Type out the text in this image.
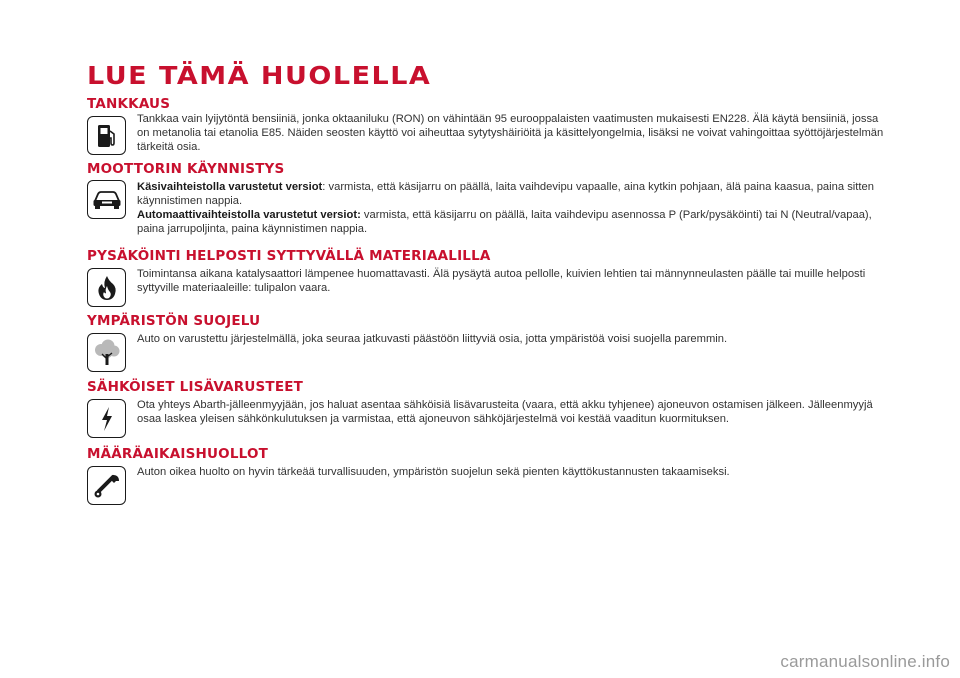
LUE TÄMÄ HUOLELLA
TANKKAUS

Tankkaa vain lyijytöntä bensiiniä, jonka oktaaniluku (RON) on vähintään 95 eurooppalaisten vaatimusten mukaisesti EN228. Älä käytä bensiiniä, jossa on metanolia tai etanolia E85. Näiden seosten käyttö voi aiheuttaa sytytyshäiriöitä ja käsittelyongelmia, lisäksi ne voivat vahingoittaa syöttöjärjestelmän tärkeitä osia.

MOOTTORIN KÄYNNISTYS

Käsivaihteistolla varustetut versiot: varmista, että käsijarru on päällä, laita vaihdevipu vapaalle, aina kytkin pohjaan, älä paina kaasua, paina sitten käynnistimen nappia.

Automaattivaihteistolla varustetut versiot: varmista, että käsijarru on päällä, laita vaihdevipu asennossa P (Park/pysäköinti) tai N (Neutral/vapaa), paina jarrupoljinta, paina käynnistimen nappia.

PYSÄKÖINTI HELPOSTI SYTTYVÄLLÄ MATERIAALILLA

Toimintansa aikana katalysaattori lämpenee huomattavasti. Älä pysäytä autoa pellolle, kuivien lehtien tai männynneulasten päälle tai muille helposti syttyville materiaaleille: tulipalon vaara.

YMPÄRISTÖN SUOJELU

Auto on varustettu järjestelmällä, joka seuraa jatkuvasti päästöön liittyviä osia, jotta ympäristöä voisi suojella paremmin.

SÄHKÖISET LISÄVARUSTEET

Ota yhteys Abarth-jälleenmyyjään, jos haluat asentaa sähköisiä lisävarusteita (vaara, että akku tyhjenee) ajoneuvon ostamisen jälkeen. Jälleenmyyjä osaa laskea yleisen sähkönkulutuksen ja varmistaa, että ajoneuvon sähköjärjestelmä voi kestää vaaditun kuormituksen.

MÄÄRÄAIKAISHUOLLOT

Auton oikea huolto on hyvin tärkeää turvallisuuden, ympäristön suojelun sekä pienten käyttökustannusten takaamiseksi.

carmanualsonline.info
